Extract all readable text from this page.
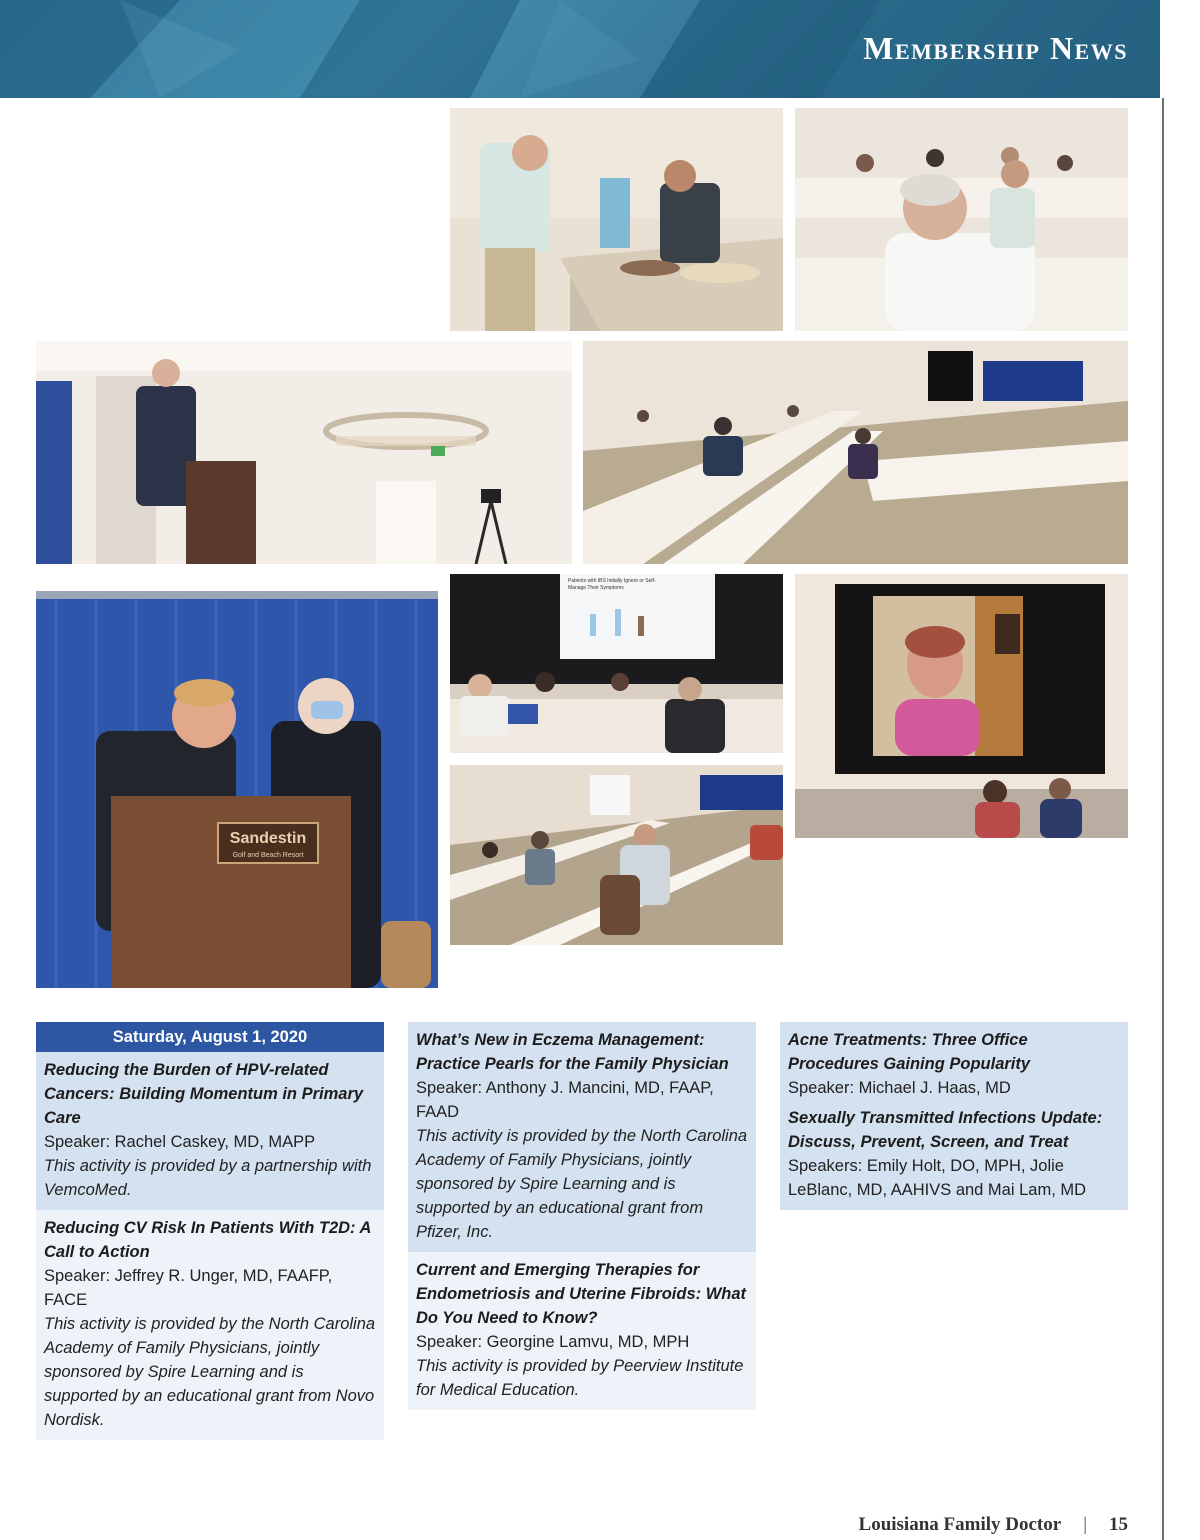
Membership News
Sandestin
Golf and Beach Resort
Patients with IBS Initially Ignore or Self-
Manage Their Symptoms
Saturday, August 1, 2020
Reducing the Burden of HPV-related Cancers: Building Momentum in Primary Care
Speaker: Rachel Caskey, MD, MAPP
This activity is provided by a partnership with VemcoMed.
Reducing CV Risk In Patients With T2D: A Call to Action
Speaker: Jeffrey R. Unger, MD, FAAFP, FACE
This activity is provided by the North Carolina Academy of Family Physicians, jointly sponsored by Spire Learning and is supported by an educational grant from Novo Nordisk.
What’s New in Eczema Management: Practice Pearls for the Family Physician
Speaker: Anthony J. Mancini, MD, FAAP, FAAD
This activity is provided by the North Carolina Academy of Family Physicians, jointly sponsored by Spire Learning and is supported by an educational grant from Pfizer, Inc.
Current and Emerging Therapies for Endometriosis and Uterine Fibroids: What Do You Need to Know?
Speaker: Georgine Lamvu, MD, MPH
This activity is provided by Peerview Institute for Medical Education.
Acne Treatments: Three Office Procedures Gaining Popularity
Speaker: Michael J. Haas, MD
Sexually Transmitted Infections Update: Discuss, Prevent, Screen, and Treat
Speakers: Emily Holt, DO, MPH, Jolie LeBlanc, MD, AAHIVS and Mai Lam, MD
Louisiana Family Doctor | 15
